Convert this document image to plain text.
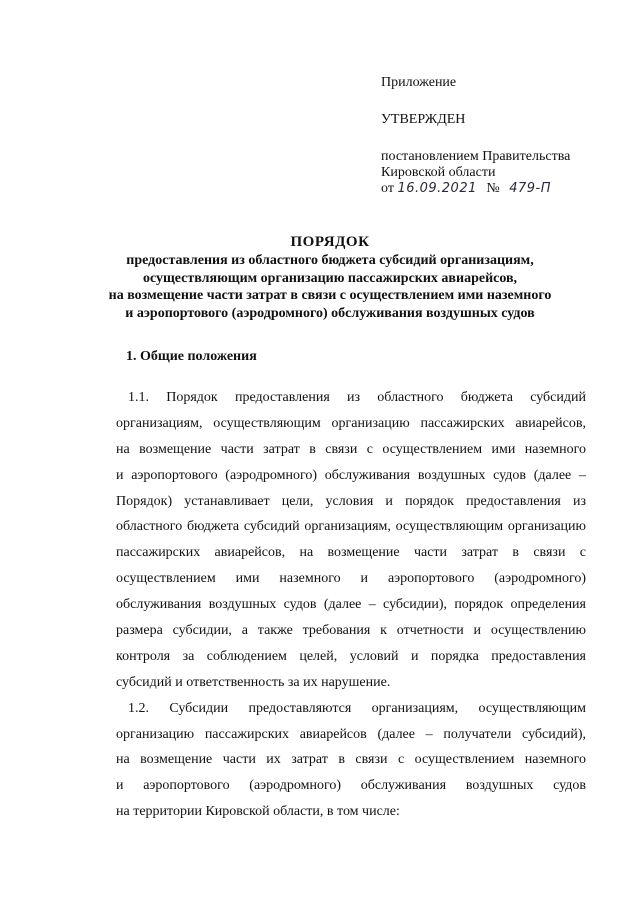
Приложение
УТВЕРЖДЕН
постановлением Правительства
Кировской области
от 16.09.2021 № 479-П
ПОРЯДОК
предоставления из областного бюджета субсидий организациям,
осуществляющим организацию пассажирских авиарейсов,
на возмещение части затрат в связи с осуществлением ими наземного
и аэропортового (аэродромного) обслуживания воздушных судов
1. Общие положения
1.1. Порядок предоставления из областного бюджета субсидий
организациям, осуществляющим организацию пассажирских авиарейсов,
на возмещение части затрат в связи с осуществлением ими наземного
и аэропортового (аэродромного) обслуживания воздушных судов (далее –
Порядок) устанавливает цели, условия и порядок предоставления из
областного бюджета субсидий организациям, осуществляющим организацию
пассажирских авиарейсов, на возмещение части затрат в связи с
осуществлением ими наземного и аэропортового (аэродромного)
обслуживания воздушных судов (далее – субсидии), порядок определения
размера субсидии, а также требования к отчетности и осуществлению
контроля за соблюдением целей, условий и порядка предоставления
субсидий и ответственность за их нарушение.
1.2. Субсидии предоставляются организациям, осуществляющим
организацию пассажирских авиарейсов (далее – получатели субсидий),
на возмещение части их затрат в связи с осуществлением наземного
и аэропортового (аэродромного) обслуживания воздушных судов
на территории Кировской области, в том числе:
